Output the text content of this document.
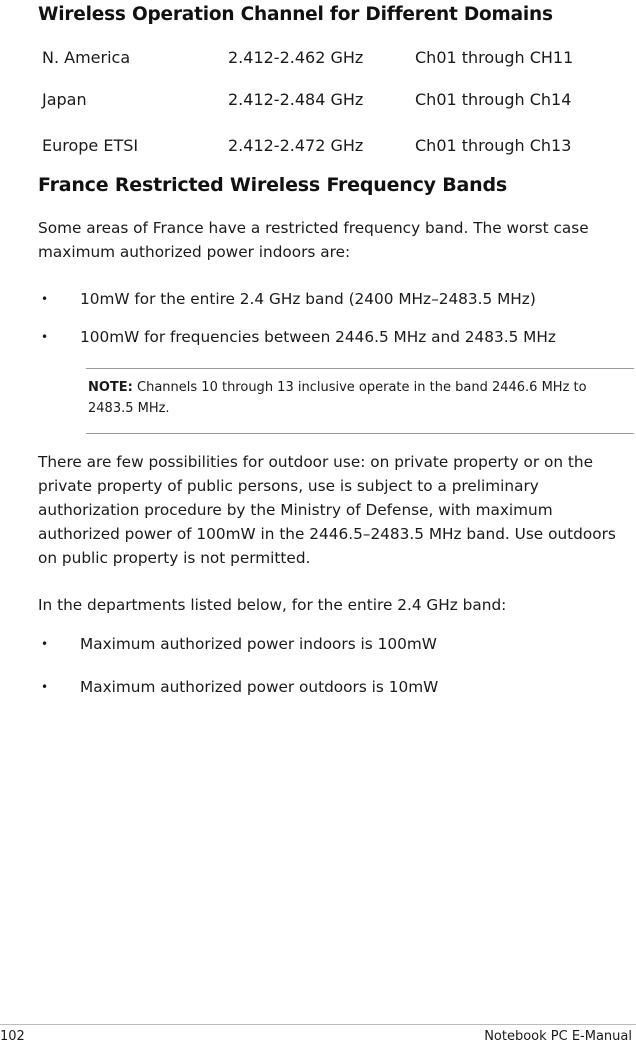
Wireless Operation Channel for Different Domains
N. America	2.412-2.462 GHz	Ch01 through CH11
Japan	2.412-2.484 GHz	Ch01 through Ch14
Europe ETSI	2.412-2.472 GHz	Ch01 through Ch13
France Restricted Wireless Frequency Bands

Some areas of France have a restricted frequency band. The worst case maximum authorized power indoors are:

• 10mW for the entire 2.4 GHz band (2400 MHz–2483.5 MHz)
• 100mW for frequencies between 2446.5 MHz and 2483.5 MHz

NOTE: Channels 10 through 13 inclusive operate in the band 2446.6 MHz to 2483.5 MHz.

There are few possibilities for outdoor use: on private property or on the private property of public persons, use is subject to a preliminary authorization procedure by the Ministry of Defense, with maximum authorized power of 100mW in the 2446.5–2483.5 MHz band. Use outdoors on public property is not permitted.

In the departments listed below, for the entire 2.4 GHz band:

• Maximum authorized power indoors is 100mW
• Maximum authorized power outdoors is 10mW
102	Notebook PC E-Manual
